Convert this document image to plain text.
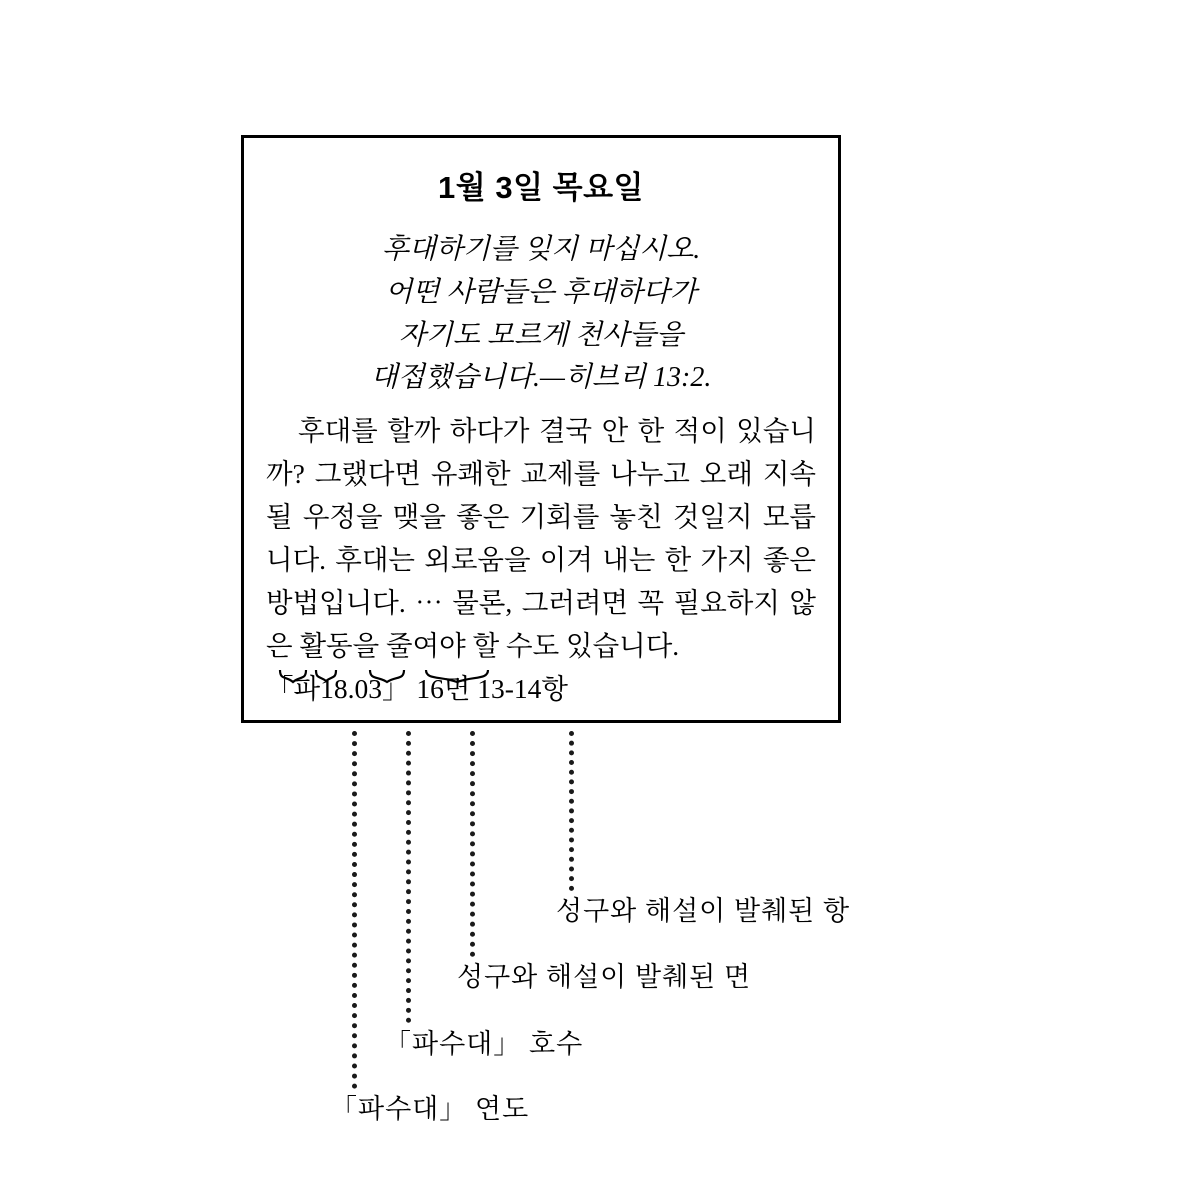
1월 3일 목요일
후대하기를 잊지 마십시오.
어떤 사람들은 후대하다가
자기도 모르게 천사들을
대접했습니다.—히브리 13:2.
후대를 할까 하다가 결국 안 한 적이 있습니까? 그랬다면 유쾌한 교제를 나누고 오래 지속될 우정을 맺을 좋은 기회를 놓친 것일지 모릅니다. 후대는 외로움을 이겨 내는 한 가지 좋은 방법입니다. ⋯ 물론, 그러려면 꼭 필요하지 않은 활동을 줄여야 할 수도 있습니다.
「파18.03」 16면 13-14항
성구와 해설이 발췌된 항
성구와 해설이 발췌된 면
「파수대」 호수
「파수대」 연도
